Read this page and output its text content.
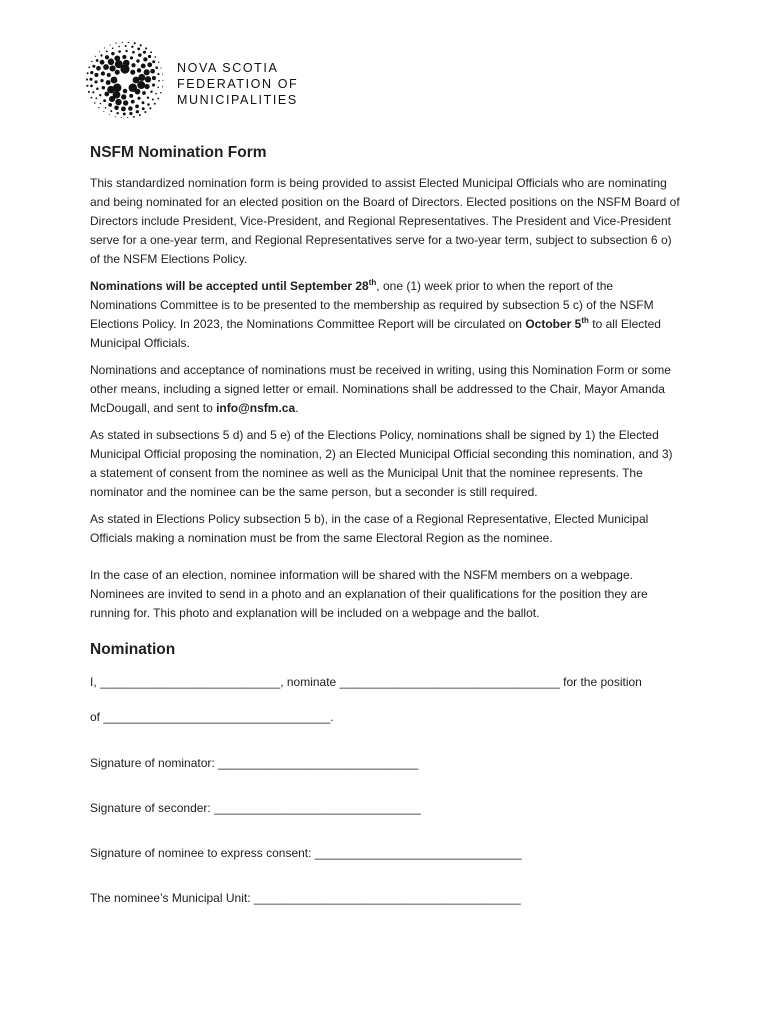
NOVA SCOTIA
FEDERATION OF
MUNICIPALITIES
NSFM Nomination Form

This standardized nomination form is being provided to assist Elected Municipal Officials who are nominating and being nominated for an elected position on the Board of Directors. Elected positions on the NSFM Board of Directors include President, Vice-President, and Regional Representatives. The President and Vice-President serve for a one-year term, and Regional Representatives serve for a two-year term, subject to subsection 6 o) of the NSFM Elections Policy.

Nominations will be accepted until September 28th, one (1) week prior to when the report of the Nominations Committee is to be presented to the membership as required by subsection 5 c) of the NSFM Elections Policy. In 2023, the Nominations Committee Report will be circulated on October 5th to all Elected Municipal Officials.

Nominations and acceptance of nominations must be received in writing, using this Nomination Form or some other means, including a signed letter or email. Nominations shall be addressed to the Chair, Mayor Amanda McDougall, and sent to info@nsfm.ca.

As stated in subsections 5 d) and 5 e) of the Elections Policy, nominations shall be signed by 1) the Elected Municipal Official proposing the nomination, 2) an Elected Municipal Official seconding this nomination, and 3) a statement of consent from the nominee as well as the Municipal Unit that the nominee represents. The nominator and the nominee can be the same person, but a seconder is still required.

As stated in Elections Policy subsection 5 b), in the case of a Regional Representative, Elected Municipal Officials making a nomination must be from the same Electoral Region as the nominee.

In the case of an election, nominee information will be shared with the NSFM members on a webpage. Nominees are invited to send in a photo and an explanation of their qualifications for the position they are running for. This photo and explanation will be included on a webpage and the ballot.

Nomination
I, ___________________________, nominate _________________________________ for the position
of __________________________________.
Signature of nominator: ______________________________
Signature of seconder: _______________________________
Signature of nominee to express consent: _______________________________
The nominee’s Municipal Unit: ________________________________________
